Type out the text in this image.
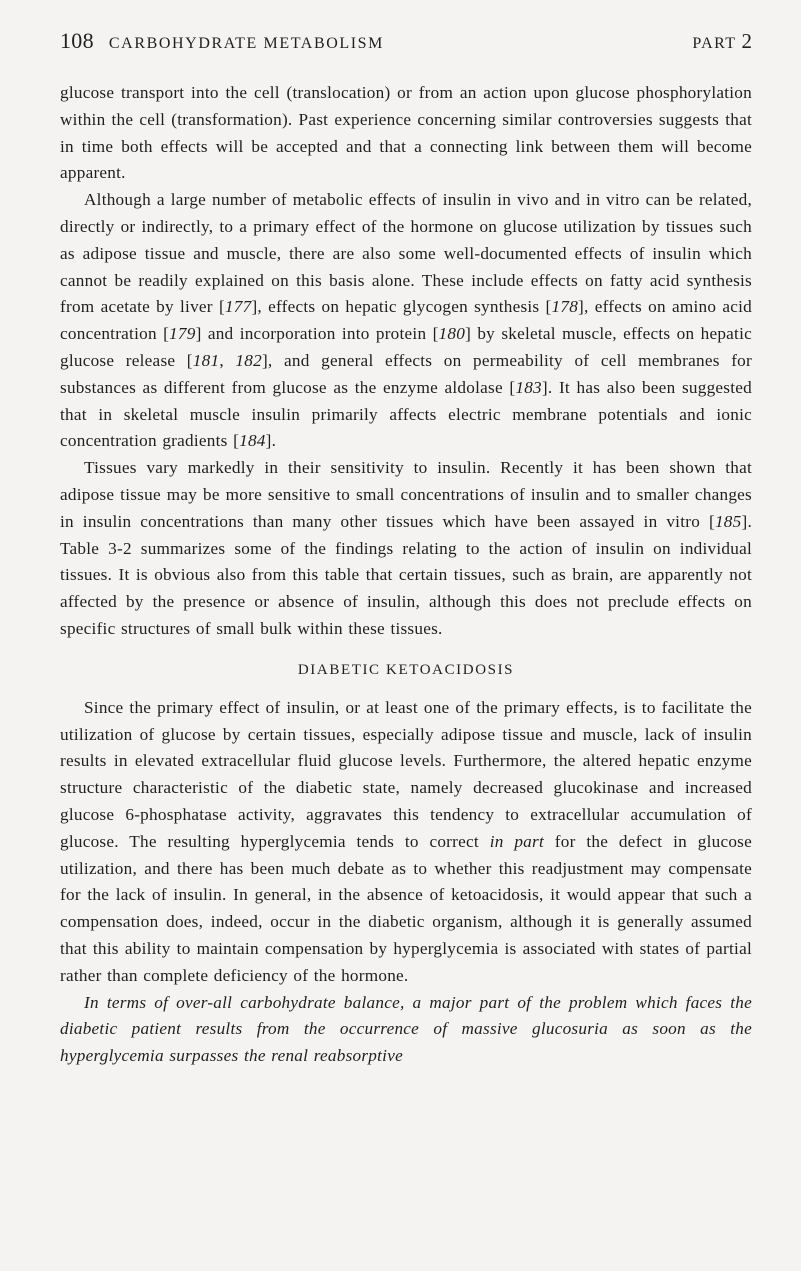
108 CARBOHYDRATE METABOLISM	PART 2

glucose transport into the cell (translocation) or from an action upon glucose phosphorylation within the cell (transformation). Past experience concerning similar controversies suggests that in time both effects will be accepted and that a connecting link between them will become apparent.

Although a large number of metabolic effects of insulin in vivo and in vitro can be related, directly or indirectly, to a primary effect of the hormone on glucose utilization by tissues such as adipose tissue and muscle, there are also some well-documented effects of insulin which cannot be readily explained on this basis alone. These include effects on fatty acid synthesis from acetate by liver [177], effects on hepatic glycogen synthesis [178], effects on amino acid concentration [179] and incorporation into protein [180] by skeletal muscle, effects on hepatic glucose release [181, 182], and general effects on permeability of cell membranes for substances as different from glucose as the enzyme aldolase [183]. It has also been suggested that in skeletal muscle insulin primarily affects electric membrane potentials and ionic concentration gradients [184].

Tissues vary markedly in their sensitivity to insulin. Recently it has been shown that adipose tissue may be more sensitive to small concentrations of insulin and to smaller changes in insulin concentrations than many other tissues which have been assayed in vitro [185]. Table 3-2 summarizes some of the findings relating to the action of insulin on individual tissues. It is obvious also from this table that certain tissues, such as brain, are apparently not affected by the presence or absence of insulin, although this does not preclude effects on specific structures of small bulk within these tissues.

DIABETIC KETOACIDOSIS

Since the primary effect of insulin, or at least one of the primary effects, is to facilitate the utilization of glucose by certain tissues, especially adipose tissue and muscle, lack of insulin results in elevated extracellular fluid glucose levels. Furthermore, the altered hepatic enzyme structure characteristic of the diabetic state, namely decreased glucokinase and increased glucose 6-phosphatase activity, aggravates this tendency to extracellular accumulation of glucose. The resulting hyperglycemia tends to correct in part for the defect in glucose utilization, and there has been much debate as to whether this readjustment may compensate for the lack of insulin. In general, in the absence of ketoacidosis, it would appear that such a compensation does, indeed, occur in the diabetic organism, although it is generally assumed that this ability to maintain compensation by hyperglycemia is associated with states of partial rather than complete deficiency of the hormone.

In terms of over-all carbohydrate balance, a major part of the problem which faces the diabetic patient results from the occurrence of massive glucosuria as soon as the hyperglycemia surpasses the renal reabsorptive
